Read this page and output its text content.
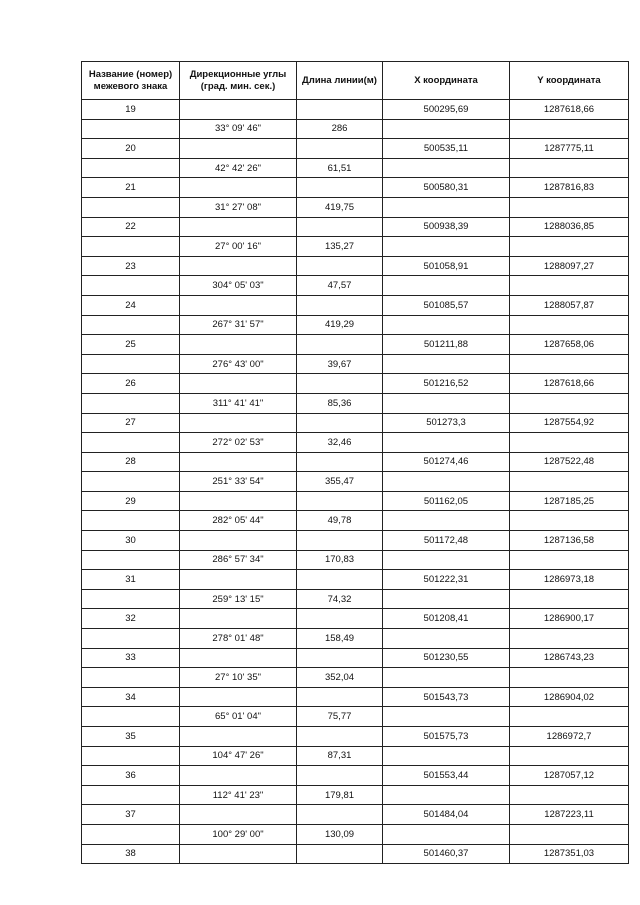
Название (номер) межевого знака	Дирекционные углы (град. мин. сек.)	Длина линии(м)	X координата	Y координата
19			500295,69	1287618,66
	33° 09' 46"	286		
20			500535,11	1287775,11
	42° 42' 26"	61,51		
21			500580,31	1287816,83
	31° 27' 08"	419,75		
22			500938,39	1288036,85
	27° 00' 16"	135,27		
23			501058,91	1288097,27
	304° 05' 03"	47,57		
24			501085,57	1288057,87
	267° 31' 57"	419,29		
25			501211,88	1287658,06
	276° 43' 00"	39,67		
26			501216,52	1287618,66
	311° 41' 41"	85,36		
27			501273,3	1287554,92
	272° 02' 53"	32,46		
28			501274,46	1287522,48
	251° 33' 54"	355,47		
29			501162,05	1287185,25
	282° 05' 44"	49,78		
30			501172,48	1287136,58
	286° 57' 34"	170,83		
31			501222,31	1286973,18
	259° 13' 15"	74,32		
32			501208,41	1286900,17
	278° 01' 48"	158,49		
33			501230,55	1286743,23
	27° 10' 35"	352,04		
34			501543,73	1286904,02
	65° 01' 04"	75,77		
35			501575,73	1286972,7
	104° 47' 26"	87,31		
36			501553,44	1287057,12
	112° 41' 23"	179,81		
37			501484,04	1287223,11
	100° 29' 00"	130,09		
38			501460,37	1287351,03
